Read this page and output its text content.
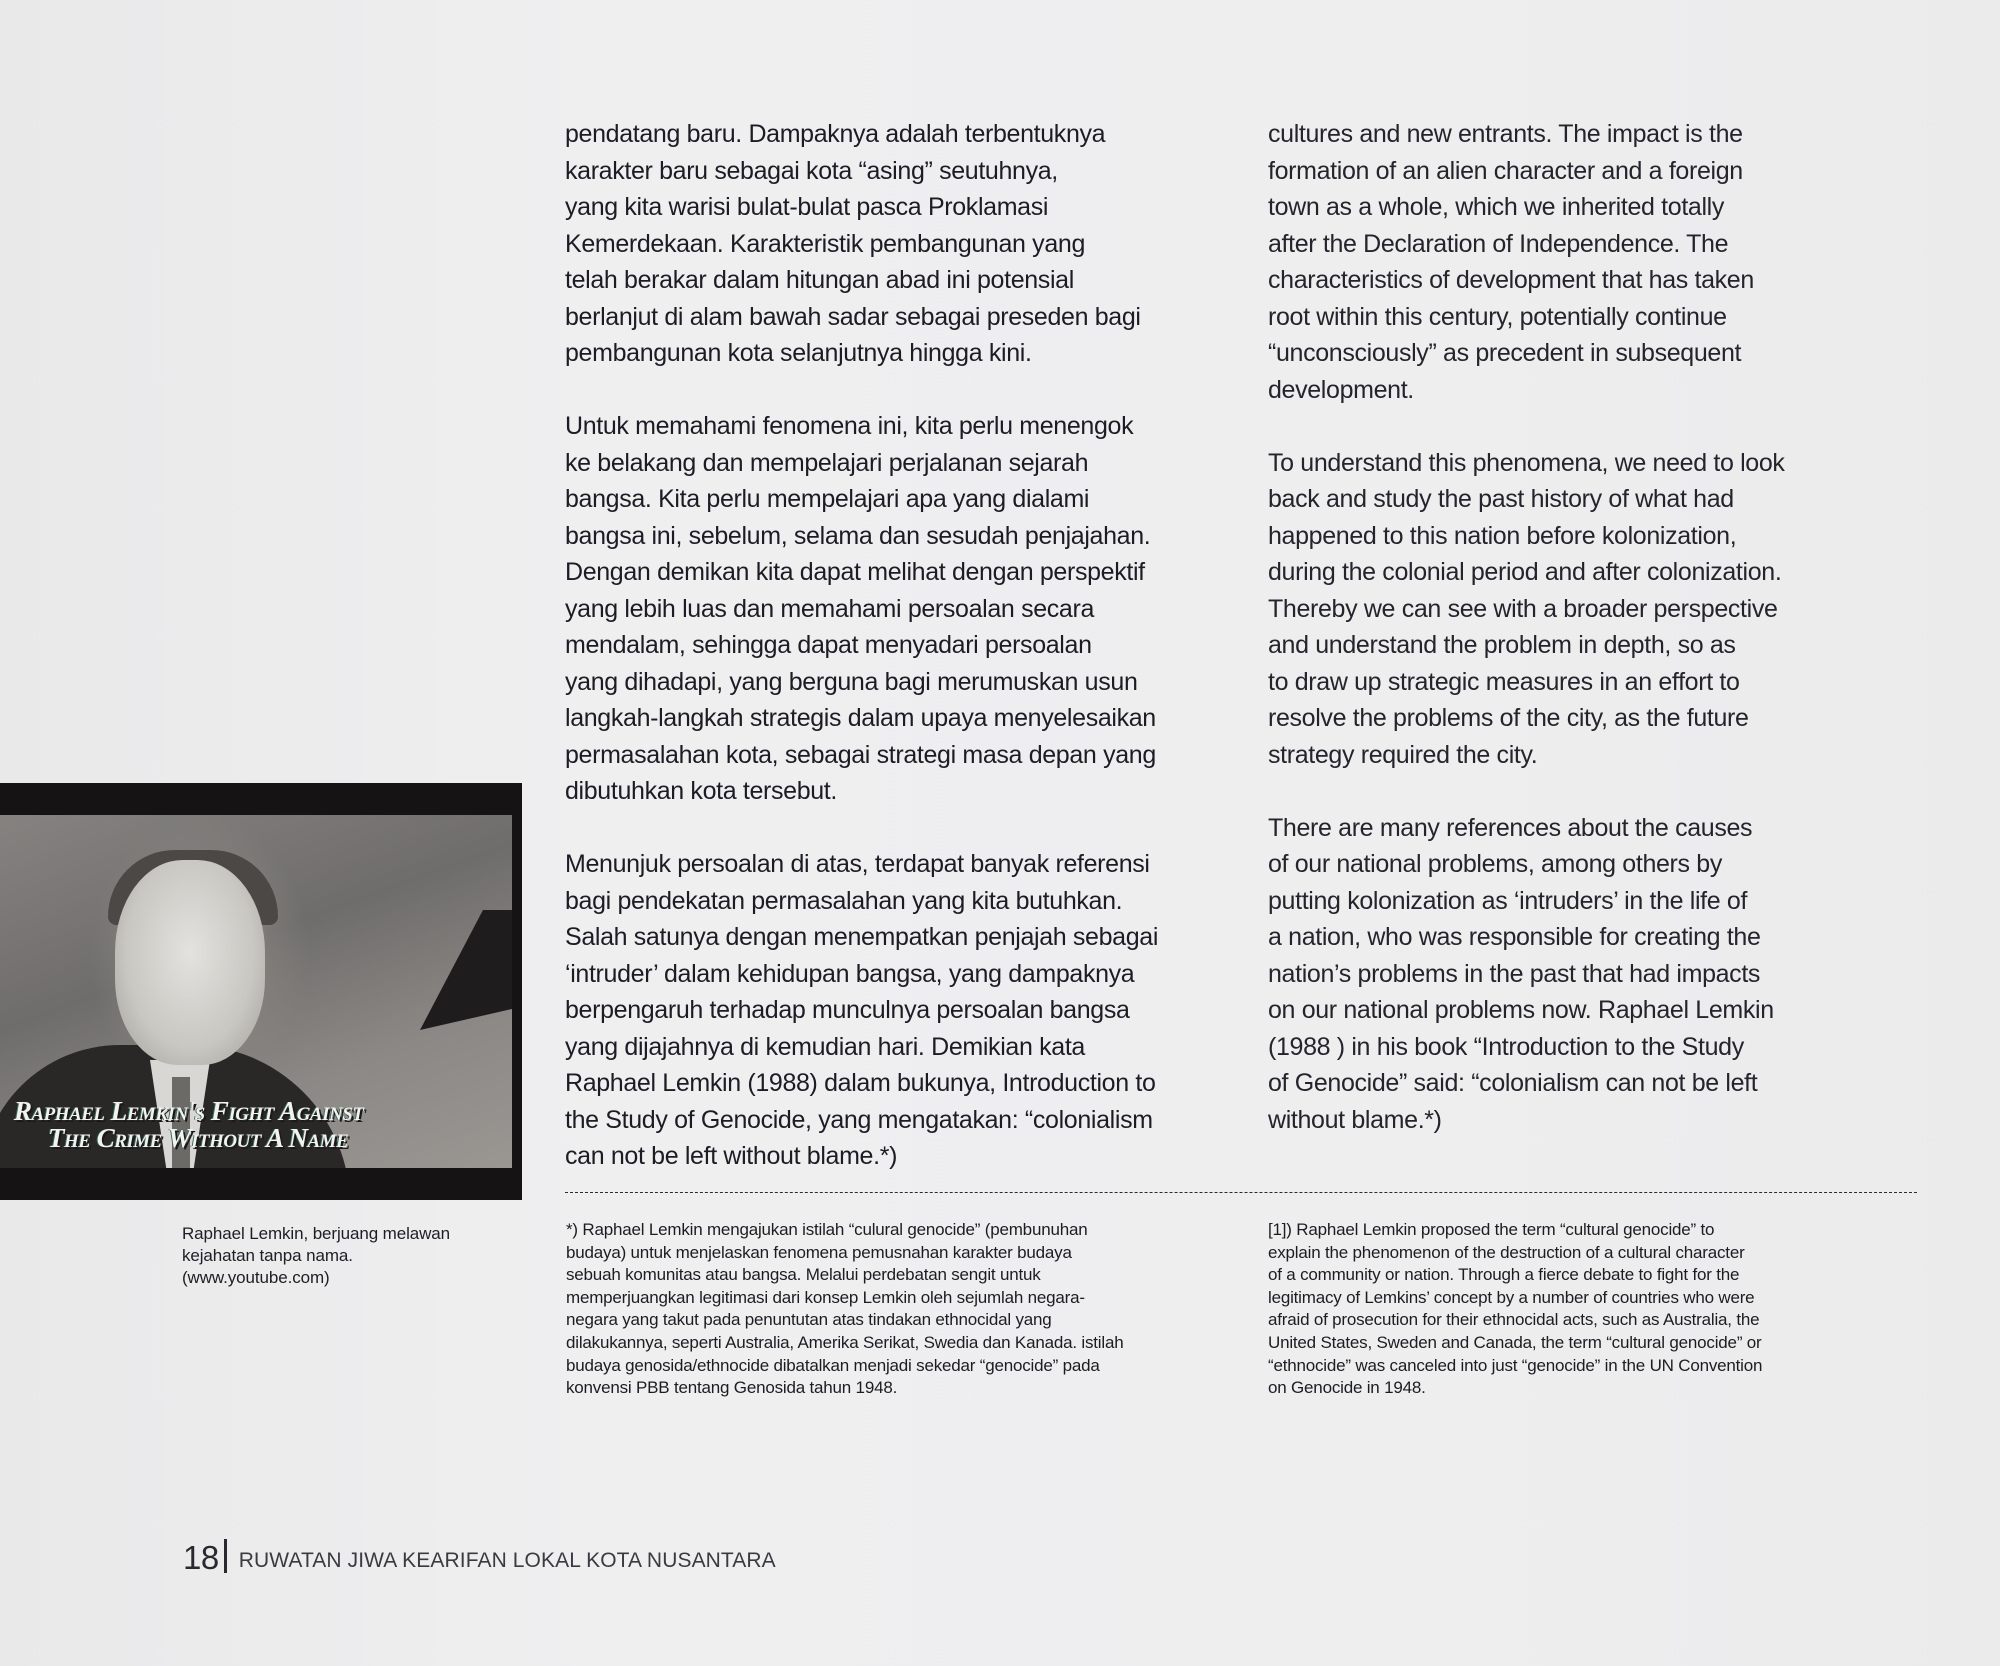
pendatang baru. Dampaknya adalah terbentuknya
karakter baru sebagai kota “asing” seutuhnya,
yang kita warisi bulat-bulat pasca Proklamasi
Kemerdekaan. Karakteristik pembangunan yang
telah berakar dalam hitungan abad ini potensial
berlanjut di alam bawah sadar sebagai preseden bagi
pembangunan kota selanjutnya hingga kini.
Untuk memahami fenomena ini, kita perlu menengok
ke belakang dan mempelajari perjalanan sejarah
bangsa. Kita perlu mempelajari apa yang dialami
bangsa ini, sebelum, selama dan sesudah penjajahan.
Dengan demikan kita dapat melihat dengan perspektif
yang lebih luas dan memahami persoalan secara
mendalam, sehingga dapat menyadari persoalan
yang dihadapi, yang berguna bagi merumuskan usun
langkah-langkah strategis dalam upaya menyelesaikan
permasalahan kota, sebagai strategi masa depan yang
dibutuhkan kota tersebut.
Menunjuk persoalan di atas, terdapat banyak referensi
bagi pendekatan permasalahan yang kita butuhkan.
Salah satunya dengan menempatkan penjajah sebagai
‘intruder’ dalam kehidupan bangsa, yang dampaknya
berpengaruh terhadap munculnya persoalan bangsa
yang dijajahnya di kemudian hari. Demikian kata
Raphael Lemkin (1988) dalam bukunya, Introduction to
the Study of Genocide, yang mengatakan: “colonialism
can not be left without blame.*)
cultures and new entrants. The impact is the
formation of an alien character and a foreign
town as a whole, which we inherited totally
after the Declaration of Independence. The
characteristics of development that has taken
root within this century, potentially continue
“unconsciously” as precedent in subsequent
development.
To understand this phenomena, we need to look
back and study the past history of what had
happened to this nation before kolonization,
during the colonial period and after colonization.
Thereby we can see with a broader perspective
and understand the problem in depth, so as
to draw up strategic measures in an effort to
resolve the problems of the city, as the future
strategy required the city.
There are many references about the causes
of our national problems, among others by
putting kolonization as ‘intruders’ in the life of
a nation, who was responsible for creating the
nation’s problems in the past that had impacts
on our national problems now. Raphael Lemkin
(1988 ) in his book “Introduction to the Study
of Genocide” said: “colonialism can not be left
without blame.*)
Raphael Lemkin's Fight Against
The Crime Without A Name
Raphael Lemkin, berjuang melawan
kejahatan tanpa nama.
(www.youtube.com)
*) Raphael Lemkin mengajukan istilah “culural genocide” (pembunuhan
budaya) untuk menjelaskan fenomena pemusnahan karakter budaya
sebuah komunitas atau bangsa. Melalui perdebatan sengit untuk
memperjuangkan legitimasi dari konsep Lemkin oleh sejumlah negara-
negara yang takut pada penuntutan atas tindakan ethnocidal yang
dilakukannya, seperti Australia, Amerika Serikat, Swedia dan Kanada. istilah
budaya genosida/ethnocide dibatalkan menjadi sekedar “genocide” pada
konvensi PBB tentang Genosida tahun 1948.
[1]) Raphael Lemkin proposed the term “cultural genocide” to
explain the phenomenon of the destruction of a cultural character
of a community or nation. Through a fierce debate to fight for the
legitimacy of Lemkins’ concept by a number of countries who were
afraid of prosecution for their ethnocidal acts, such as Australia, the
United States, Sweden and Canada, the term “cultural genocide” or
“ethnocide” was canceled into just “genocide” in the UN Convention
on Genocide in 1948.
18 RUWATAN JIWA KEARIFAN LOKAL KOTA NUSANTARA
